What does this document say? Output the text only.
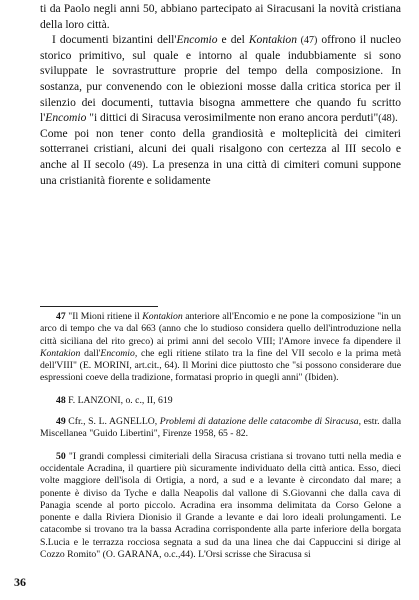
ti da Paolo negli anni 50, abbiano partecipato ai Siracusani la novità cristiana della loro città.

I documenti bizantini dell'Encomio e del Kontakion (47) offrono il nucleo storico primitivo, sul quale e intorno al quale indubbiamente si sono sviluppate le sovrastrutture proprie del tempo della composizione. In sostanza, pur convenendo con le obiezioni mosse dalla critica storica per il silenzio dei documenti, tuttavia bisogna ammettere che quando fu scritto l'Encomio "i dittici di Siracusa verosimilmente non erano ancora perduti"(48).

Come poi non tener conto della grandiosità e molteplicità dei cimiteri sotterranei cristiani, alcuni dei quali risalgono con certezza al III secolo e anche al II secolo (49). La presenza in una città di cimiteri comuni suppone una cristianità fiorente e solidamente

47 "Il Mioni ritiene il Kontakion anteriore all'Encomio e ne pone la composizione "in un arco di tempo che va dal 663 (anno che lo studioso considera quello dell'introduzione nella città siciliana del rito greco) ai primi anni del secolo VIII; l'Amore invece fa dipendere il Kontakion dall'Encomio, che egli ritiene stilato tra la fine del VII secolo e la prima metà dell'VIII" (E. MORINI, art.cit., 64). Il Morini dice piuttosto che "si possono considerare due espressioni coeve della tradizione, formatasi proprio in quegli anni" (Ibiden).

48 F. LANZONI, o. c., II, 619

49 Cfr., S. L. AGNELLO, Problemi di datazione delle catacombe di Siracusa, estr. dalla Miscellanea "Guido Libertini", Firenze 1958, 65 - 82.

50 "I grandi complessi cimiteriali della Siracusa cristiana si trovano tutti nella media e occidentale Acradina, il quartiere più sicuramente individuato della città antica. Esso, dieci volte maggiore dell'isola di Ortigia, a nord, a sud e a levante è circondato dal mare; a ponente è diviso da Tyche e dalla Neapolis dal vallone di S.Giovanni che dalla cava di Panagia scende al porto piccolo. Acradina era insomma delimitata da Corso Gelone a ponente e dalla Riviera Dionisio il Grande a levante e dai loro ideali prolungamenti. Le catacombe si trovano tra la bassa Acradina corrispondente alla parte inferiore della borgata S.Lucia e le terrazza rocciosa segnata a sud da una linea che dai Cappuccini si dirige al Cozzo Romito" (O. GARANA, o.c.,44). L'Orsi scrisse che Siracusa si

36
